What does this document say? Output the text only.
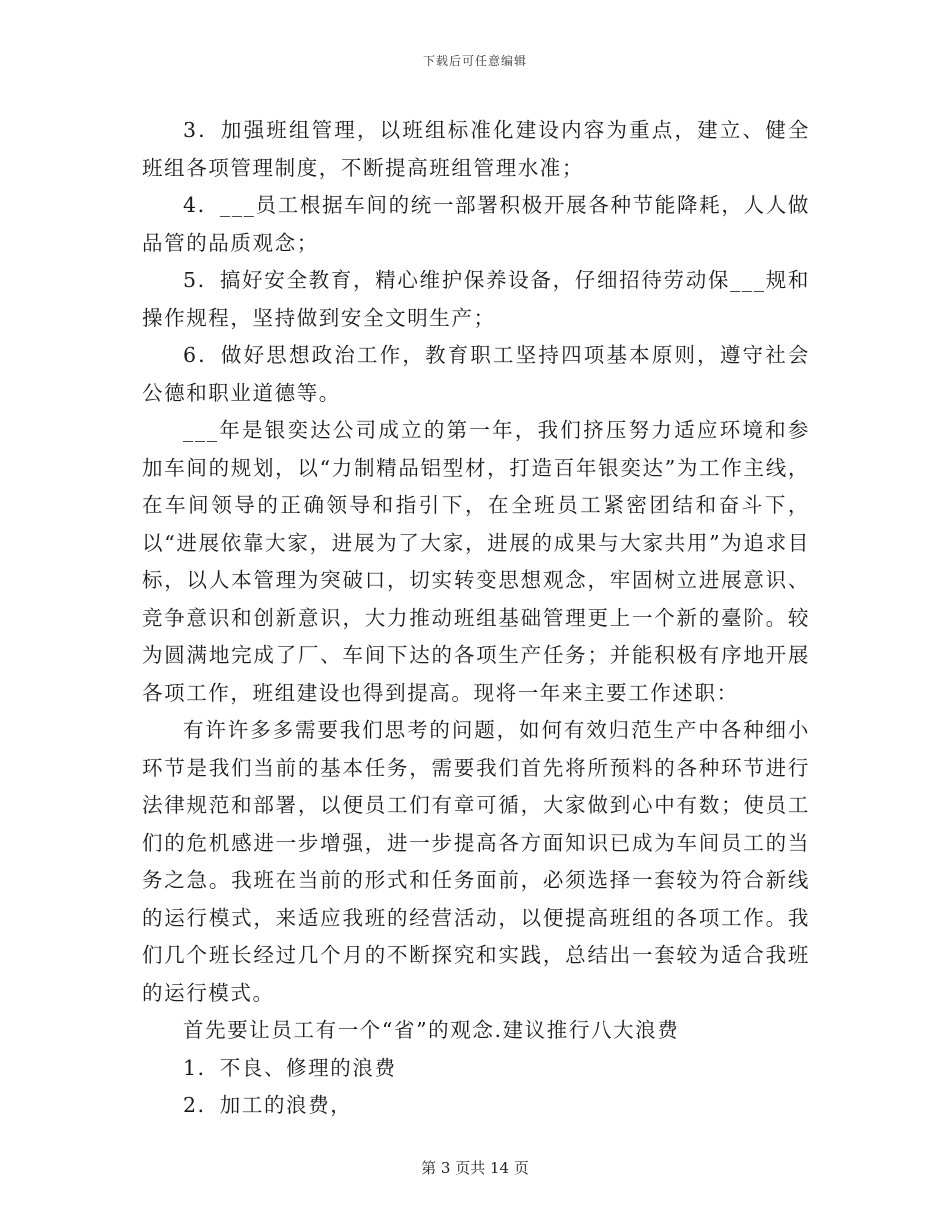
下载后可任意编辑

3．加强班组管理，以班组标准化建设内容为重点，建立、健全班组各项管理制度，不断提高班组管理水准；

4．___员工根据车间的统一部署积极开展各种节能降耗，人人做品管的品质观念；

5．搞好安全教育，精心维护保养设备，仔细招待劳动保___规和操作规程，坚持做到安全文明生产；

6．做好思想政治工作，教育职工坚持四项基本原则，遵守社会公德和职业道德等。

___年是银奕达公司成立的第一年，我们挤压努力适应环境和参加车间的规划，以“力制精品铝型材，打造百年银奕达”为工作主线，在车间领导的正确领导和指引下，在全班员工紧密团结和奋斗下，以“进展依靠大家，进展为了大家，进展的成果与大家共用”为追求目标，以人本管理为突破口，切实转变思想观念，牢固树立进展意识、竞争意识和创新意识，大力推动班组基础管理更上一个新的臺阶。较为圆满地完成了厂、车间下达的各项生产任务；并能积极有序地开展各项工作，班组建设也得到提高。现将一年来主要工作述职：

有许许多多需要我们思考的问题，如何有效归范生产中各种细小环节是我们当前的基本任务，需要我们首先将所预料的各种环节进行法律规范和部署，以便员工们有章可循，大家做到心中有数；使员工们的危机感进一步增强，进一步提高各方面知识已成为车间员工的当务之急。我班在当前的形式和任务面前，必须选择一套较为符合新线的运行模式，来适应我班的经营活动，以便提高班组的各项工作。我们几个班长经过几个月的不断探究和实践，总结出一套较为适合我班的运行模式。

首先要让员工有一个“省”的观念.建议推行八大浪费

1．不良、修理的浪费

2．加工的浪费，

第 3 页共 14 页
